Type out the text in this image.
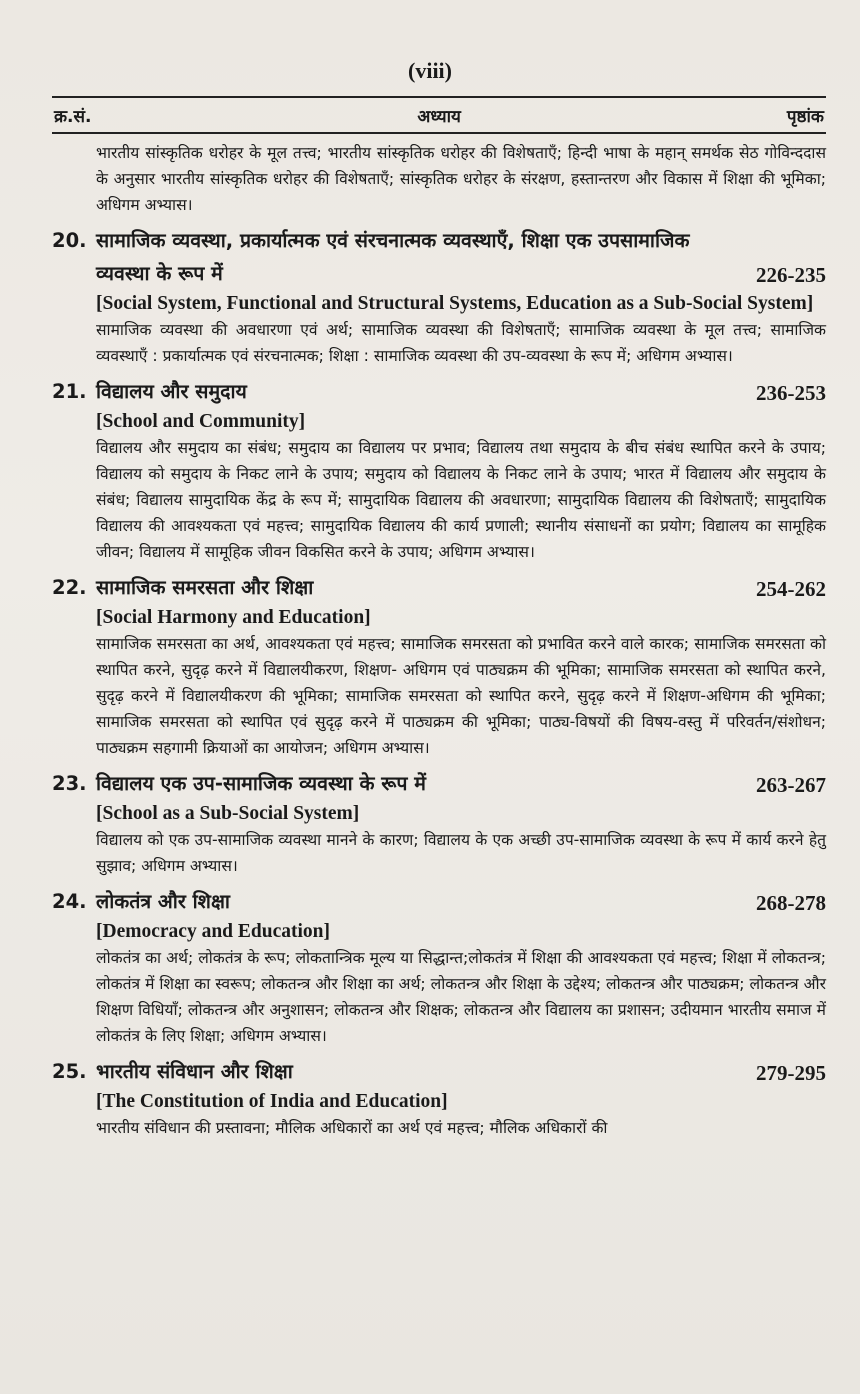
(viii)
क्र.सं.	अध्याय	पृष्ठांक
भारतीय सांस्कृतिक धरोहर के मूल तत्त्व; भारतीय सांस्कृतिक धरोहर की विशेषताएँ; हिन्दी भाषा के महान् समर्थक सेठ गोविन्ददास के अनुसार भारतीय सांस्कृतिक धरोहर की विशेषताएँ; सांस्कृतिक धरोहर के संरक्षण, हस्तान्तरण और विकास में शिक्षा की भूमिका; अधिगम अभ्यास।
20. सामाजिक व्यवस्था, प्रकार्यात्मक एवं संरचनात्मक व्यवस्थाएँ, शिक्षा एक उपसामाजिक व्यवस्था के रूप में	226-235
[Social System, Functional and Structural Systems, Education as a Sub-Social System]
सामाजिक व्यवस्था की अवधारणा एवं अर्थ; सामाजिक व्यवस्था की विशेषताएँ; सामाजिक व्यवस्था के मूल तत्त्व; सामाजिक व्यवस्थाएँ : प्रकार्यात्मक एवं संरचनात्मक; शिक्षा : सामाजिक व्यवस्था की उप-व्यवस्था के रूप में; अधिगम अभ्यास।
21. विद्यालय और समुदाय	236-253
[School and Community]
विद्यालय और समुदाय का संबंध; समुदाय का विद्यालय पर प्रभाव; विद्यालय तथा समुदाय के बीच संबंध स्थापित करने के उपाय; विद्यालय को समुदाय के निकट लाने के उपाय; समुदाय को विद्यालय के निकट लाने के उपाय; भारत में विद्यालय और समुदाय के संबंध; विद्यालय सामुदायिक केंद्र के रूप में; सामुदायिक विद्यालय की अवधारणा; सामुदायिक विद्यालय की विशेषताएँ; सामुदायिक विद्यालय की आवश्यकता एवं महत्त्व; सामुदायिक विद्यालय की कार्य प्रणाली; स्थानीय संसाधनों का प्रयोग; विद्यालय का सामूहिक जीवन; विद्यालय में सामूहिक जीवन विकसित करने के उपाय; अधिगम अभ्यास।
22. सामाजिक समरसता और शिक्षा	254-262
[Social Harmony and Education]
सामाजिक समरसता का अर्थ, आवश्यकता एवं महत्त्व; सामाजिक समरसता को प्रभावित करने वाले कारक; सामाजिक समरसता को स्थापित करने, सुदृढ़ करने में विद्यालयीकरण, शिक्षण- अधिगम एवं पाठ्यक्रम की भूमिका; सामाजिक समरसता को स्थापित करने, सुदृढ़ करने में विद्यालयीकरण की भूमिका; सामाजिक समरसता को स्थापित करने, सुदृढ़ करने में शिक्षण-अधिगम की भूमिका; सामाजिक समरसता को स्थापित एवं सुदृढ़ करने में पाठ्यक्रम की भूमिका; पाठ्य-विषयों की विषय-वस्तु में परिवर्तन/संशोधन; पाठ्यक्रम सहगामी क्रियाओं का आयोजन; अधिगम अभ्यास।
23. विद्यालय एक उप-सामाजिक व्यवस्था के रूप में	263-267
[School as a Sub-Social System]
विद्यालय को एक उप-सामाजिक व्यवस्था मानने के कारण; विद्यालय के एक अच्छी उप-सामाजिक व्यवस्था के रूप में कार्य करने हेतु सुझाव; अधिगम अभ्यास।
24. लोकतंत्र और शिक्षा	268-278
[Democracy and Education]
लोकतंत्र का अर्थ; लोकतंत्र के रूप; लोकतान्त्रिक मूल्य या सिद्धान्त;लोकतंत्र में शिक्षा की आवश्यकता एवं महत्त्व; शिक्षा में लोकतन्त्र; लोकतंत्र में शिक्षा का स्वरूप; लोकतन्त्र और शिक्षा का अर्थ; लोकतन्त्र और शिक्षा के उद्देश्य; लोकतन्त्र और पाठ्यक्रम; लोकतन्त्र और शिक्षण विधियाँ; लोकतन्त्र और अनुशासन; लोकतन्त्र और शिक्षक; लोकतन्त्र और विद्यालय का प्रशासन; उदीयमान भारतीय समाज में लोकतंत्र के लिए शिक्षा; अधिगम अभ्यास।
25. भारतीय संविधान और शिक्षा	279-295
[The Constitution of India and Education]
भारतीय संविधान की प्रस्तावना; मौलिक अधिकारों का अर्थ एवं महत्त्व; मौलिक अधिकारों की
